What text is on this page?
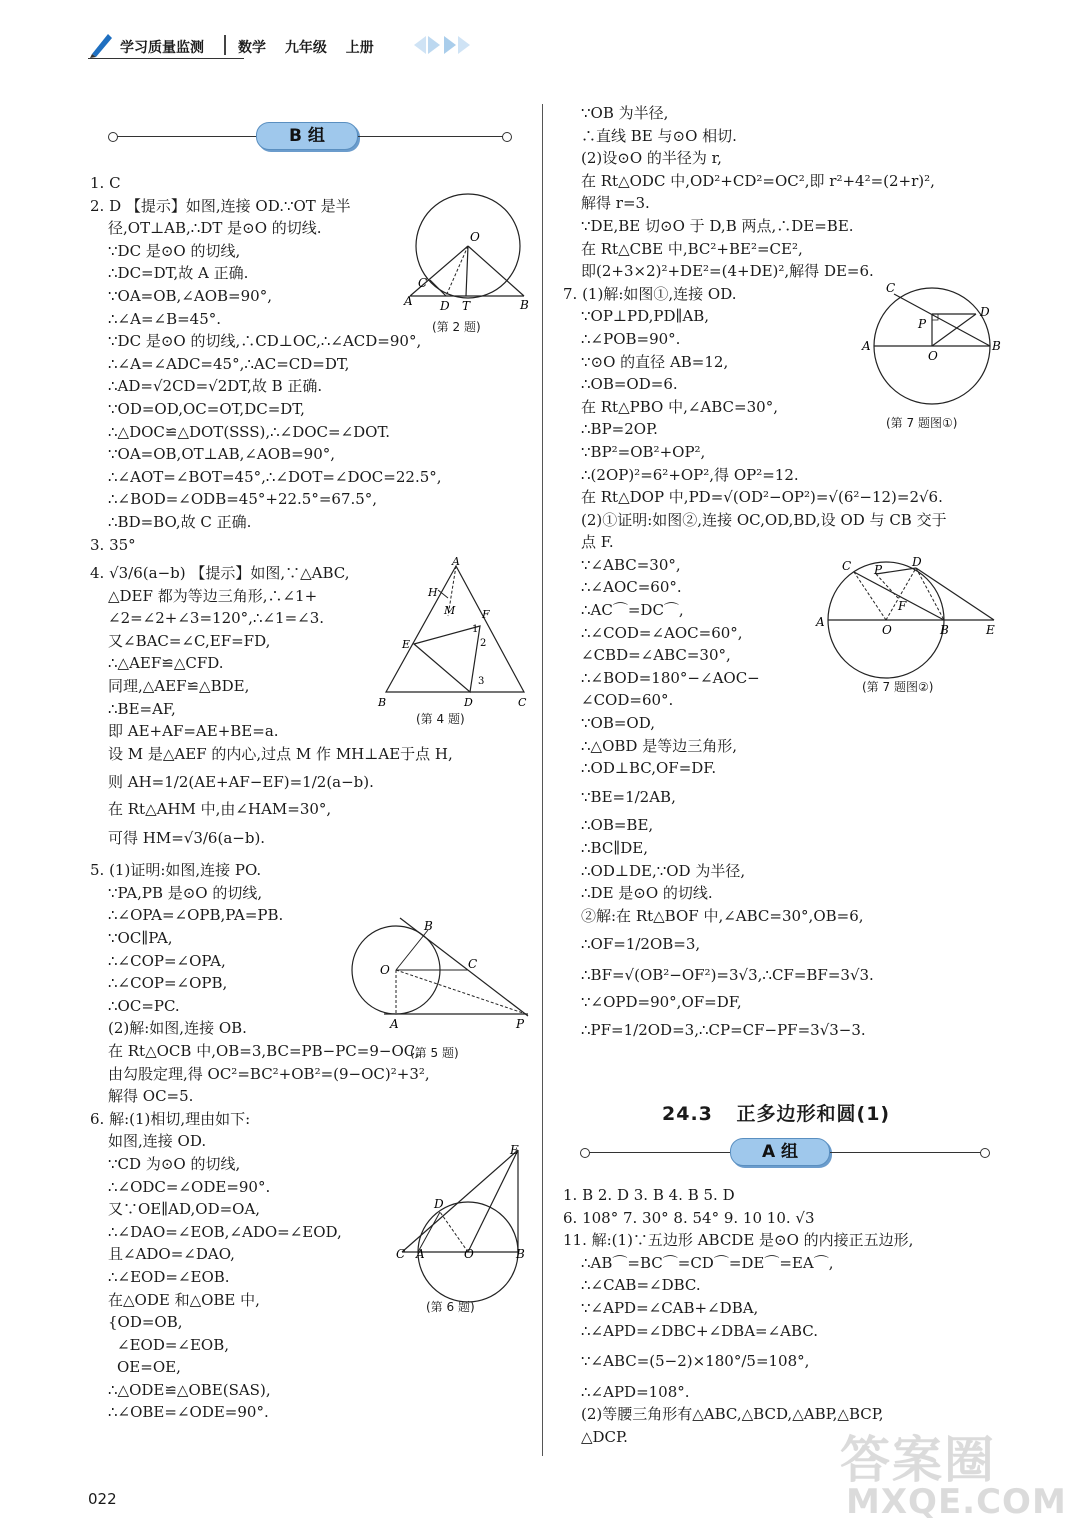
学习质量监测 数学 九年级 上册
B 组
1. C
2. D 【提示】如图,连接 OD.∵OT 是半
径,OT⊥AB,∴DT 是⊙O 的切线.
∵DC 是⊙O 的切线,
∴DC=DT,故 A 正确.
∵OA=OB,∠AOB=90°,
∴∠A=∠B=45°.
∵DC 是⊙O 的切线,∴CD⊥OC,∴∠ACD=90°,
∴∠A=∠ADC=45°,∴AC=CD=DT,
∴AD=√2CD=√2DT,故 B 正确.
∵OD=OD,OC=OT,DC=DT,
∴△DOC≌△DOT(SSS),∴∠DOC=∠DOT.
∵OA=OB,OT⊥AB,∠AOB=90°,
∴∠AOT=∠BOT=45°,∴∠DOT=∠DOC=22.5°,
∴∠BOD=∠ODB=45°+22.5°=67.5°,
∴BD=BO,故 C 正确.
3. 35°
4. √3/6(a−b) 【提示】如图,∵△ABC,
△DEF 都为等边三角形,∴∠1+
∠2=∠2+∠3=120°,∴∠1=∠3.
又∠BAC=∠C,EF=FD,
∴△AEF≌△CFD.
同理,△AEF≌△BDE,
∴BE=AF,
即 AE+AF=AE+BE=a.
设 M 是△AEF 的内心,过点 M 作 MH⊥AE于点 H,
则 AH=1/2(AE+AF−EF)=1/2(a−b).
在 Rt△AHM 中,由∠HAM=30°,
可得 HM=√3/6(a−b).
5. (1)证明:如图,连接 PO.
∵PA,PB 是⊙O 的切线,
∴∠OPA=∠OPB,PA=PB.
∵OC∥PA,
∴∠COP=∠OPA,
∴∠COP=∠OPB,
∴OC=PC.
(2)解:如图,连接 OB.
在 Rt△OCB 中,OB=3,BC=PB−PC=9−OC,
由勾股定理,得 OC²=BC²+OB²=(9−OC)²+3²,
解得 OC=5.
6. 解:(1)相切,理由如下:
如图,连接 OD.
∵CD 为⊙O 的切线,
∴∠ODC=∠ODE=90°.
又∵OE∥AD,OD=OA,
∴∠DAO=∠EOB,∠ADO=∠EOD,
且∠ADO=∠DAO,
∴∠EOD=∠EOB.
在△ODE 和△OBE 中,
{OD=OB,
∠EOD=∠EOB,
OE=OE,
∴△ODE≌△OBE(SAS),
∴∠OBE=∠ODE=90°.
O
C
A D T	B
(第 2 题)
A
H
M F
E
B	D	C
1
2
3
(第 4 题)
B
O	C
A	P
(第 5 题)
E
D
C A	O	B
(第 6 题)
∵OB 为半径,
∴直线 BE 与⊙O 相切.
(2)设⊙O 的半径为 r,
在 Rt△ODC 中,OD²+CD²=OC²,即 r²+4²=(2+r)²,
解得 r=3.
∵DE,BE 切⊙O 于 D,B 两点,∴DE=BE.
在 Rt△CBE 中,BC²+BE²=CE²,
即(2+3×2)²+DE²=(4+DE)²,解得 DE=6.
7. (1)解:如图①,连接 OD.
∵OP⊥PD,PD∥AB,
∴∠POB=90°.
∵⊙O 的直径 AB=12,
∴OB=OD=6.
在 Rt△PBO 中,∠ABC=30°,
∴BP=2OP.
∵BP²=OB²+OP²,
∴(2OP)²=6²+OP²,得 OP²=12.
在 Rt△DOP 中,PD=√(OD²−OP²)=√(6²−12)=2√6.
(2)①证明:如图②,连接 OC,OD,BD,设 OD 与 CB 交于
点 F.
∵∠ABC=30°,
∴∠AOC=60°.
∴AC⌒=DC⌒,
∴∠COD=∠AOC=60°,
∠CBD=∠ABC=30°,
∴∠BOD=180°−∠AOC−
∠COD=60°.
∵OB=OD,
∴△OBD 是等边三角形,
∴OD⊥BC,OF=DF.
∵BE=1/2AB,
∴OB=BE,
∴BC∥DE,
∴OD⊥DE,∵OD 为半径,
∴DE 是⊙O 的切线.
②解:在 Rt△BOF 中,∠ABC=30°,OB=6,
∴OF=1/2OB=3,
∴BF=√(OB²−OF²)=3√3,∴CF=BF=3√3.
∵∠OPD=90°,OF=DF,
∴PF=1/2OD=3,∴CP=CF−PF=3√3−3.
C
D
P
A
O
B
(第 7 题图①)
C P
D
F
A
O	B	E
(第 7 题图②)
24.3 正多边形和圆(1)
A 组
1. B 2. D 3. B 4. B 5. D
6. 108° 7. 30° 8. 54° 9. 10 10. √3
11. 解:(1)∵五边形 ABCDE 是⊙O 的内接正五边形,
∴AB⌒=BC⌒=CD⌒=DE⌒=EA⌒,
∴∠CAB=∠DBC.
∵∠APD=∠CAB+∠DBA,
∴∠APD=∠DBC+∠DBA=∠ABC.
∵∠ABC=(5−2)×180°/5=108°,
∴∠APD=108°.
(2)等腰三角形有△ABC,△BCD,△ABP,△BCP,
△DCP.
022
答案圈
MXQE.COM
